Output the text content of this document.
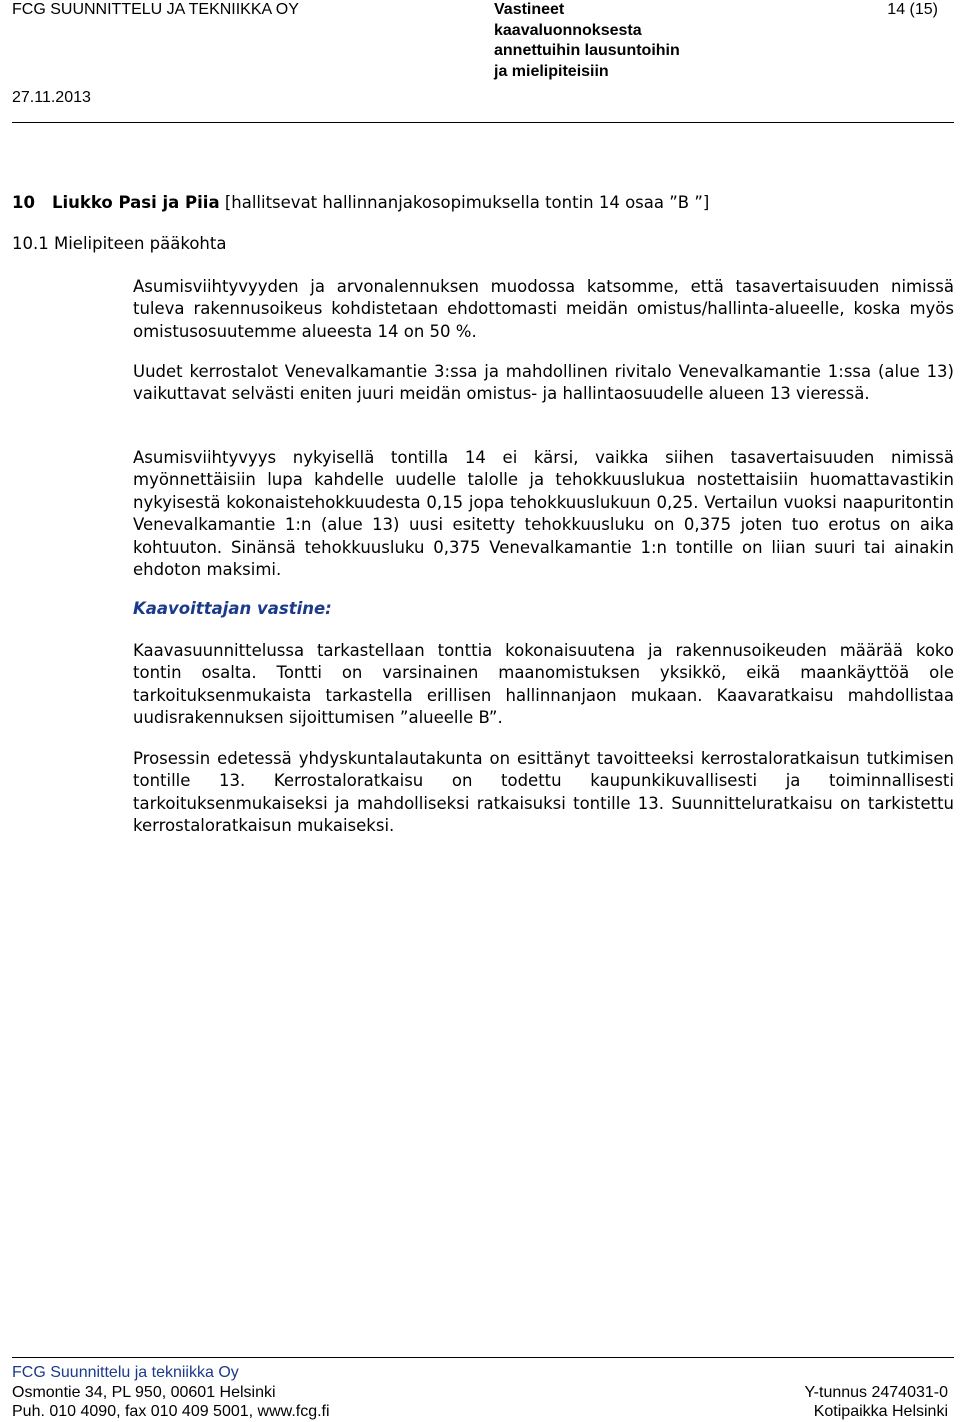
FCG SUUNNITTELU JA TEKNIIKKA OY	Vastineet
kaavaluonnoksesta
annettuihin lausuntoihin
ja mielipiteisiin
14 (15)
27.11.2013
10 Liukko Pasi ja Piia [hallitsevat hallinnanjakosopimuksella tontin 14 osaa ”B ”]
10.1 Mielipiteen pääkohta

Asumisviihtyvyyden ja arvonalennuksen muodossa katsomme, että tasavertaisuuden nimissä tuleva rakennusoikeus kohdistetaan ehdottomasti meidän omistus/hallinta-alueelle, koska myös omistusosuutemme alueesta 14 on 50 %.

Uudet kerrostalot Venevalkamantie 3:ssa ja mahdollinen rivitalo Venevalkamantie 1:ssa (alue 13) vaikuttavat selvästi eniten juuri meidän omistus- ja hallintaosuudelle alueen 13 vieressä.

Asumisviihtyvyys nykyisellä tontilla 14 ei kärsi, vaikka siihen tasavertaisuuden nimissä myönnettäisiin lupa kahdelle uudelle talolle ja tehokkuuslukua nostettaisiin huomattavastikin nykyisestä kokonaistehokkuudesta 0,15 jopa tehokkuuslukuun 0,25. Vertailun vuoksi naapuritontin Venevalkamantie 1:n (alue 13) uusi esitetty tehokkuusluku on 0,375 joten tuo erotus on aika kohtuuton. Sinänsä tehokkuusluku 0,375 Venevalkamantie 1:n tontille on liian suuri tai ainakin ehdoton maksimi.

Kaavoittajan vastine:

Kaavasuunnittelussa tarkastellaan tonttia kokonaisuutena ja rakennusoikeuden määrää koko tontin osalta. Tontti on varsinainen maanomistuksen yksikkö, eikä maankäyttöä ole tarkoituksenmukaista tarkastella erillisen hallinnanjaon mukaan. Kaavaratkaisu mahdollistaa uudisrakennuksen sijoittumisen ”alueelle B”.

Prosessin edetessä yhdyskuntalautakunta on esittänyt tavoitteeksi kerrostaloratkaisun tutkimisen tontille 13. Kerrostaloratkaisu on todettu kaupunkikuvallisesti ja toiminnallisesti tarkoituksenmukaiseksi ja mahdolliseksi ratkaisuksi tontille 13. Suunnitteluratkaisu on tarkistettu kerrostaloratkaisun mukaiseksi.

FCG Suunnittelu ja tekniikka Oy
Osmontie 34, PL 950, 00601 Helsinki
Puh. 010 4090, fax 010 409 5001, www.fcg.fi
Y-tunnus 2474031-0
Kotipaikka Helsinki
